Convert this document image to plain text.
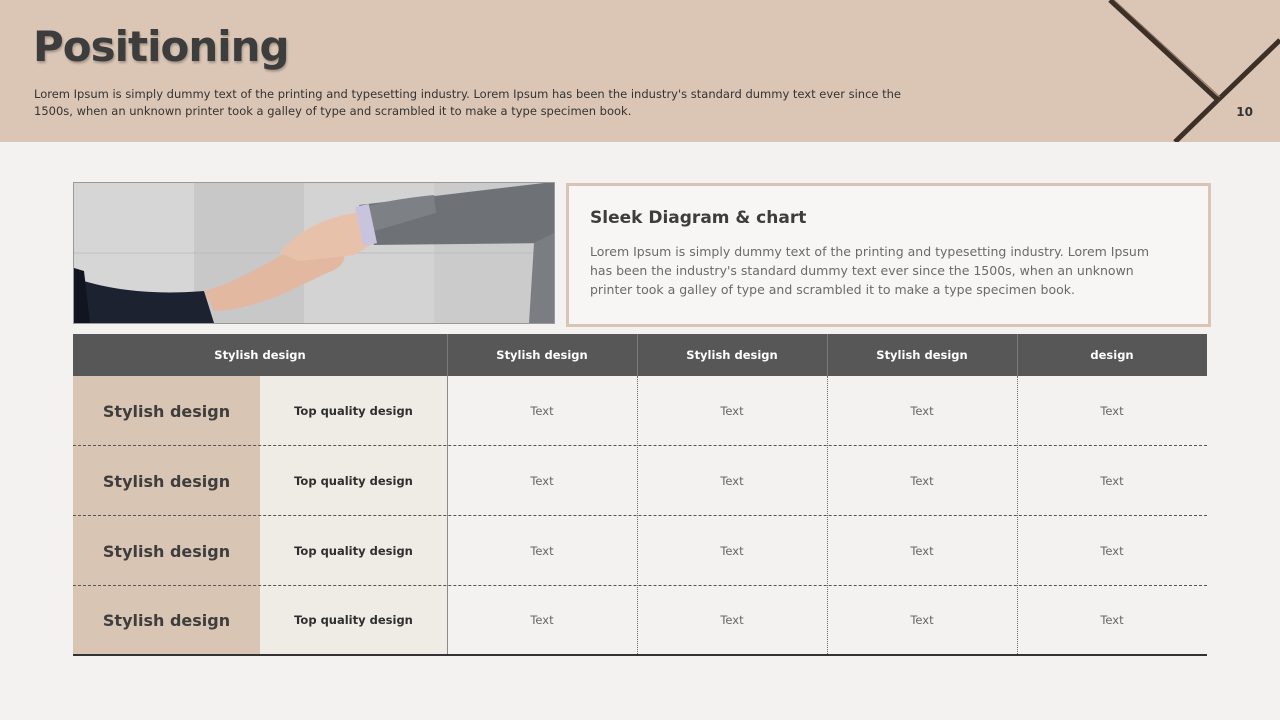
Positioning

Lorem Ipsum is simply dummy text of the printing and typesetting industry. Lorem Ipsum has been the industry's standard dummy text ever since the 1500s, when an unknown printer took a galley of type and scrambled it to make a type specimen book.	10
Sleek Diagram & chart

Lorem Ipsum is simply dummy text of the printing and typesetting industry. Lorem Ipsum has been the industry's standard dummy text ever since the 1500s, when an unknown printer took a galley of type and scrambled it to make a type specimen book.

Stylish design	Stylish design	Stylish design	Stylish design	design
Stylish design	Top quality design	Text	Text	Text	Text
Stylish design	Top quality design	Text	Text	Text	Text
Stylish design	Top quality design	Text	Text	Text	Text
Stylish design	Top quality design	Text	Text	Text	Text
